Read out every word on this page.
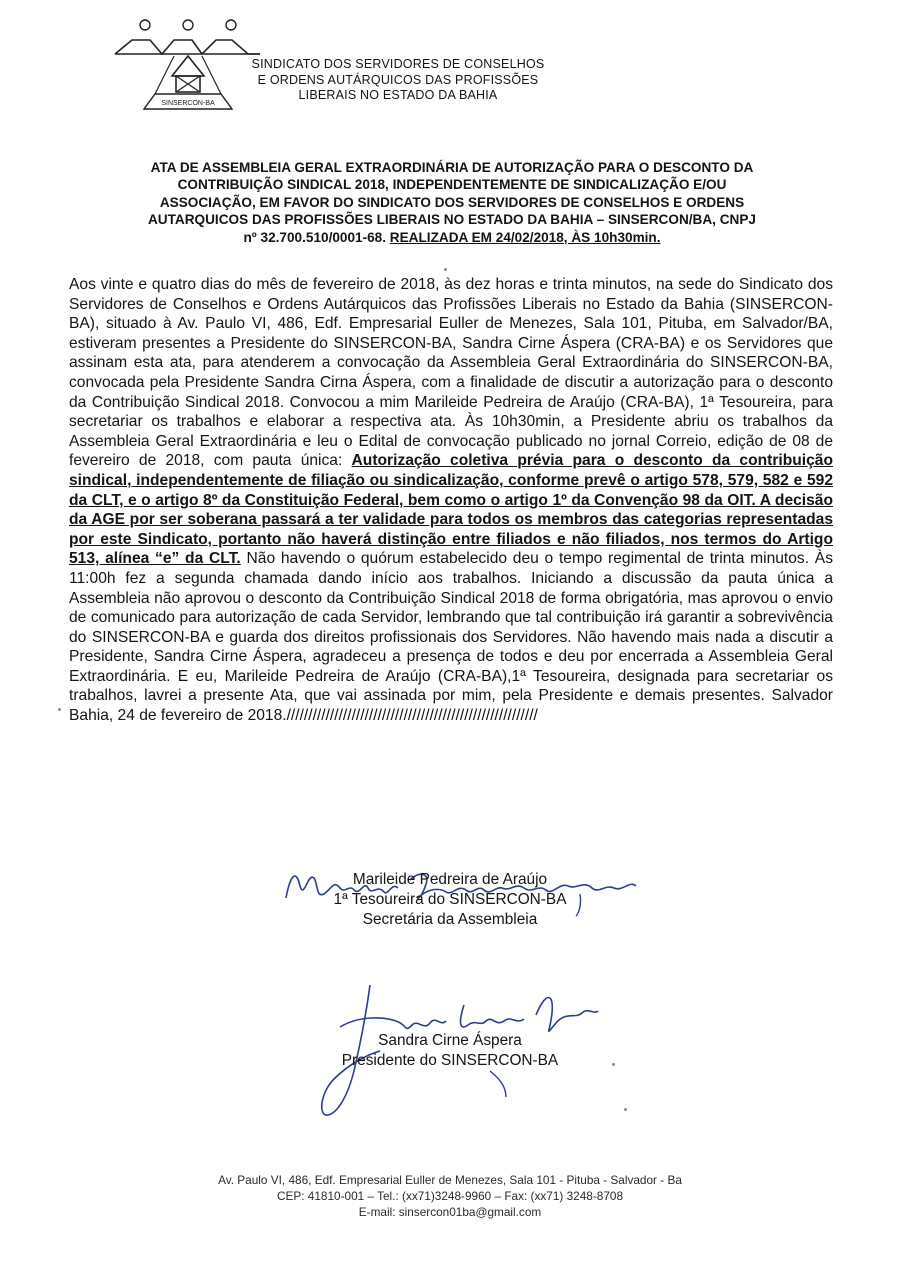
SINSERCON-BA
SINDICATO DOS SERVIDORES DE CONSELHOS
E ORDENS AUTÁRQUICOS DAS PROFISSÕES
LIBERAIS NO ESTADO DA BAHIA
ATA DE ASSEMBLEIA GERAL EXTRAORDINÁRIA DE AUTORIZAÇÃO PARA O DESCONTO DA
CONTRIBUIÇÃO SINDICAL 2018, INDEPENDENTEMENTE DE SINDICALIZAÇÃO E/OU
ASSOCIAÇÃO, EM FAVOR DO SINDICATO DOS SERVIDORES DE CONSELHOS E ORDENS
AUTARQUICOS DAS PROFISSÕES LIBERAIS NO ESTADO DA BAHIA – SINSERCON/BA, CNPJ
nº 32.700.510/0001-68. REALIZADA EM 24/02/2018, ÀS 10h30min.
Aos vinte e quatro dias do mês de fevereiro de 2018, às dez horas e trinta minutos, na sede do Sindicato dos Servidores de Conselhos e Ordens Autárquicos das Profissões Liberais no Estado da Bahia (SINSERCON-BA), situado à Av. Paulo VI, 486, Edf. Empresarial Euller de Menezes, Sala 101, Pituba, em Salvador/BA, estiveram presentes a Presidente do SINSERCON-BA, Sandra Cirne Áspera (CRA-BA) e os Servidores que assinam esta ata, para atenderem a convocação da Assembleia Geral Extraordinária do SINSERCON-BA, convocada pela Presidente Sandra Cirna Áspera, com a finalidade de discutir a autorização para o desconto da Contribuição Sindical 2018. Convocou a mim Marileide Pedreira de Araújo (CRA-BA), 1ª Tesoureira, para secretariar os trabalhos e elaborar a respectiva ata. Às 10h30min, a Presidente abriu os trabalhos da Assembleia Geral Extraordinária e leu o Edital de convocação publicado no jornal Correio, edição de 08 de fevereiro de 2018, com pauta única: Autorização coletiva prévia para o desconto da contribuição sindical, independentemente de filiação ou sindicalização, conforme prevê o artigo 578, 579, 582 e 592 da CLT, e o artigo 8º da Constituição Federal, bem como o artigo 1º da Convenção 98 da OIT. A decisão da AGE por ser soberana passará a ter validade para todos os membros das categorias representadas por este Sindicato, portanto não haverá distinção entre filiados e não filiados, nos termos do Artigo 513, alínea “e” da CLT. Não havendo o quórum estabelecido deu o tempo regimental de trinta minutos. Às 11:00h fez a segunda chamada dando início aos trabalhos. Iniciando a discussão da pauta única a Assembleia não aprovou o desconto da Contribuição Sindical 2018 de forma obrigatória, mas aprovou o envio de comunicado para autorização de cada Servidor, lembrando que tal contribuição irá garantir a sobrevivência do SINSERCON-BA e guarda dos direitos profissionais dos Servidores. Não havendo mais nada a discutir a Presidente, Sandra Cirne Áspera, agradeceu a presença de todos e deu por encerrada a Assembleia Geral Extraordinária. E eu, Marileide Pedreira de Araújo (CRA-BA),1ª Tesoureira, designada para secretariar os trabalhos, lavrei a presente Ata, que vai assinada por mim, pela Presidente e demais presentes. Salvador Bahia, 24 de fevereiro de 2018.//////////////////////////////////////////////////////////
Marileide Pedreira de Araújo
1ª Tesoureira do SINSERCON-BA
Secretária da Assembleia
Sandra Cirne Áspera
Presidente do SINSERCON-BA
Av. Paulo VI, 486, Edf. Empresarial Euller de Menezes, Sala 101 - Pituba - Salvador - Ba
CEP: 41810-001 – Tel.: (xx71)3248-9960 – Fax: (xx71) 3248-8708
E-mail: sinsercon01ba@gmail.com
